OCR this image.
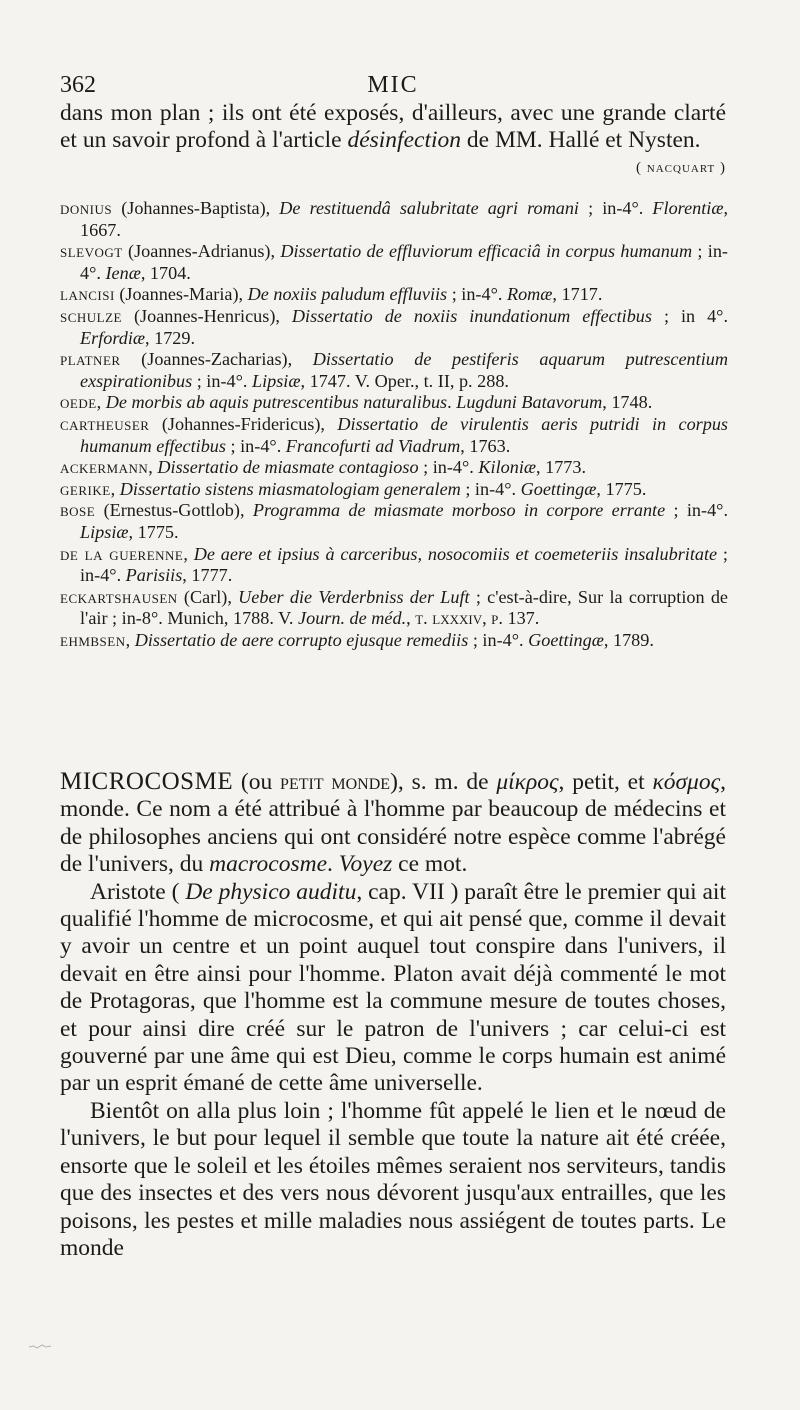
362	MIC
dans mon plan ; ils ont été exposés, d'ailleurs, avec une grande clarté et un savoir profond à l'article désinfection de MM. Hallé et Nysten.
( nacquart )

donius (Johannes-Baptista), De restituendâ salubritate agri romani ; in-4°. Florentiæ, 1667.

slevogt (Joannes-Adrianus), Dissertatio de effluviorum efficaciâ in corpus humanum ; in-4°. Ienæ, 1704.

lancisi (Joannes-Maria), De noxiis paludum effluviis ; in-4°. Romæ, 1717.

schulze (Joannes-Henricus), Dissertatio de noxiis inundationum effectibus ; in 4°. Erfordiæ, 1729.

platner (Joannes-Zacharias), Dissertatio de pestiferis aquarum putrescentium exspirationibus ; in-4°. Lipsiæ, 1747. V. Oper., t. II, p. 288.

oede, De morbis ab aquis putrescentibus naturalibus. Lugduni Batavorum, 1748.

cartheuser (Johannes-Fridericus), Dissertatio de virulentis aeris putridi in corpus humanum effectibus ; in-4°. Francofurti ad Viadrum, 1763.

ackermann, Dissertatio de miasmate contagioso ; in-4°. Kiloniæ, 1773.

gerike, Dissertatio sistens miasmatologiam generalem ; in-4°. Goettingæ, 1775.

bose (Ernestus-Gottlob), Programma de miasmate morboso in corpore errante ; in-4°. Lipsiæ, 1775.

de la guerenne, De aere et ipsius à carceribus, nosocomiis et coemeteriis insalubritate ; in-4°. Parisiis, 1777.

eckartshausen (Carl), Ueber die Verderbniss der Luft ; c'est-à-dire, Sur la corruption de l'air ; in-8°. Munich, 1788. V. Journ. de méd., t. lxxxiv, p. 137.

ehmbsen, Dissertatio de aere corrupto ejusque remediis ; in-4°. Goettingæ, 1789.

MICROCOSME (ou petit monde), s. m. de μίκρος, petit, et κόσμος, monde. Ce nom a été attribué à l'homme par beaucoup de médecins et de philosophes anciens qui ont considéré notre espèce comme l'abrégé de l'univers, du macrocosme. Voyez ce mot.

Aristote ( De physico auditu, cap. VII ) paraît être le premier qui ait qualifié l'homme de microcosme, et qui ait pensé que, comme il devait y avoir un centre et un point auquel tout conspire dans l'univers, il devait en être ainsi pour l'homme. Platon avait déjà commenté le mot de Protagoras, que l'homme est la commune mesure de toutes choses, et pour ainsi dire créé sur le patron de l'univers ; car celui-ci est gouverné par une âme qui est Dieu, comme le corps humain est animé par un esprit émané de cette âme universelle.

Bientôt on alla plus loin ; l'homme fût appelé le lien et le nœud de l'univers, le but pour lequel il semble que toute la nature ait été créée, ensorte que le soleil et les étoiles mêmes seraient nos serviteurs, tandis que des insectes et des vers nous dévorent jusqu'aux entrailles, que les poisons, les pestes et mille maladies nous assiégent de toutes parts. Le monde
